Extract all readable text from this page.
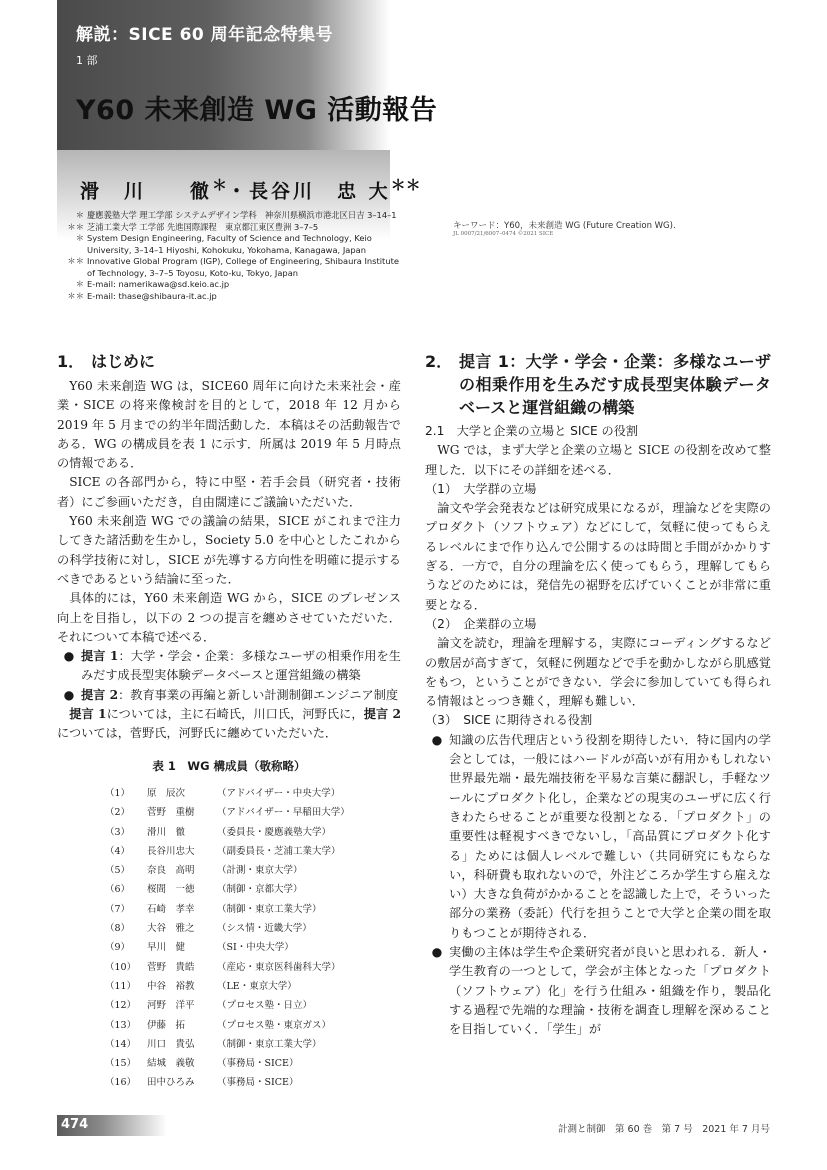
解説：SICE 60 周年記念特集号
1 部
Y60 未来創造 WG 活動報告
滑　川　　徹＊・長谷川　忠 大＊＊
＊ 慶應義塾大学 理工学部 システムデザイン学科　神奈川県横浜市港北区日吉 3–14–1
＊＊ 芝浦工業大学 工学部 先進国際課程　東京都江東区豊洲 3–7–5
＊ System Design Engineering, Faculty of Science and Technology, Keio University, 3–14–1 Hiyoshi, Kohokuku, Yokohama, Kanagawa, Japan
＊＊ Innovative Global Program (IGP), College of Engineering, Shibaura Institute of Technology, 3–7–5 Toyosu, Koto-ku, Tokyo, Japan
＊ E-mail: namerikawa@sd.keio.ac.jp
＊＊ E-mail: thase@shibaura-it.ac.jp
キーワード：Y60，未来創造 WG (Future Creation WG).
JL 0007/21/6007–0474 ©2021 SICE
1． はじめに

Y60 未来創造 WG は，SICE60 周年に向けた未来社会・産業・SICE の将来像検討を目的として，2018 年 12 月から 2019 年 5 月までの約半年間活動した．本稿はその活動報告である．WG の構成員を表 1 に示す．所属は 2019 年 5 月時点の情報である．

SICE の各部門から，特に中堅・若手会員（研究者・技術者）にご参画いただき，自由闊達にご議論いただいた．

Y60 未来創造 WG での議論の結果，SICE がこれまで注力してきた諸活動を生かし，Society 5.0 を中心としたこれからの科学技術に対し，SICE が先導する方向性を明確に提示するべきであるという結論に至った．

具体的には，Y60 未来創造 WG から，SICE のプレゼンス向上を目指し，以下の 2 つの提言を纏めさせていただいた．それについて本稿で述べる．

● 提言 1：大学・学会・企業：多様なユーザの相乗作用を生みだす成長型実体験データベースと運営組織の構築
● 提言 2：教育事業の再編と新しい計測制御エンジニア制度

提言 1については，主に石崎氏，川口氏，河野氏に，提言 2については，菅野氏，河野氏に纏めていただいた．

表 1　WG 構成員（敬称略）
（1）	原　辰次	（アドバイザー・中央大学）
（2）	菅野　重樹	（アドバイザー・早稲田大学）
（3）	滑川　徹	（委員長・慶應義塾大学）
（4）	長谷川忠大	（副委員長・芝浦工業大学）
（5）	奈良　高明	（計測・東京大学）
（6）	桜間　一徳	（制御・京都大学）
（7）	石崎　孝幸	（制御・東京工業大学）
（8）	大谷　雅之	（シス情・近畿大学）
（9）	早川　健	（SI・中央大学）
（10）	菅野　貴皓	（産応・東京医科歯科大学）
（11）	中谷　裕教	（LE・東京大学）
（12）	河野　洋平	（プロセス塾・日立）
（13）	伊藤　拓	（プロセス塾・東京ガス）
（14）	川口　貴弘	（制御・東京工業大学）
（15）	結城　義敬	（事務局・SICE）
（16）	田中ひろみ	（事務局・SICE）
2． 提言 1：大学・学会・企業：多様なユーザの相乗作用を生みだす成長型実体験データベースと運営組織の構築
2.1　大学と企業の立場と SICE の役割

WG では，まず大学と企業の立場と SICE の役割を改めて整理した．以下にその詳細を述べる．

（1）　大学群の立場

論文や学会発表などは研究成果になるが，理論などを実際のプロダクト（ソフトウェア）などにして，気軽に使ってもらえるレベルにまで作り込んで公開するのは時間と手間がかかりすぎる．一方で，自分の理論を広く使ってもらう，理解してもらうなどのためには，発信先の裾野を広げていくことが非常に重要となる．

（2）　企業群の立場

論文を読む，理論を理解する，実際にコーディングするなどの敷居が高すぎて，気軽に例題などで手を動かしながら肌感覚をもつ，ということができない．学会に参加していても得られる情報はとっつき難く，理解も難しい．

（3）　SICE に期待される役割
● 知識の広告代理店という役割を期待したい．特に国内の学会としては，一般にはハードルが高いが有用かもしれない世界最先端・最先端技術を平易な言葉に翻訳し，手軽なツールにプロダクト化し，企業などの現実のユーザに広く行きわたらせることが重要な役割となる．「プロダクト」の重要性は軽視すべきでないし，「高品質にプロダクト化する」ためには個人レベルで難しい（共同研究にもならない，科研費も取れないので，外注どころか学生すら雇えない）大きな負荷がかかることを認識した上で，そういった部分の業務（委託）代行を担うことで大学と企業の間を取りもつことが期待される．
● 実働の主体は学生や企業研究者が良いと思われる．新人・学生教育の一つとして，学会が主体となった「プロダクト（ソフトウェア）化」を行う仕組み・組織を作り，製品化する過程で先端的な理論・技術を調査し理解を深めることを目指していく．「学生」が
474	計測と制御　第 60 巻　第 7 号　2021 年 7 月号
